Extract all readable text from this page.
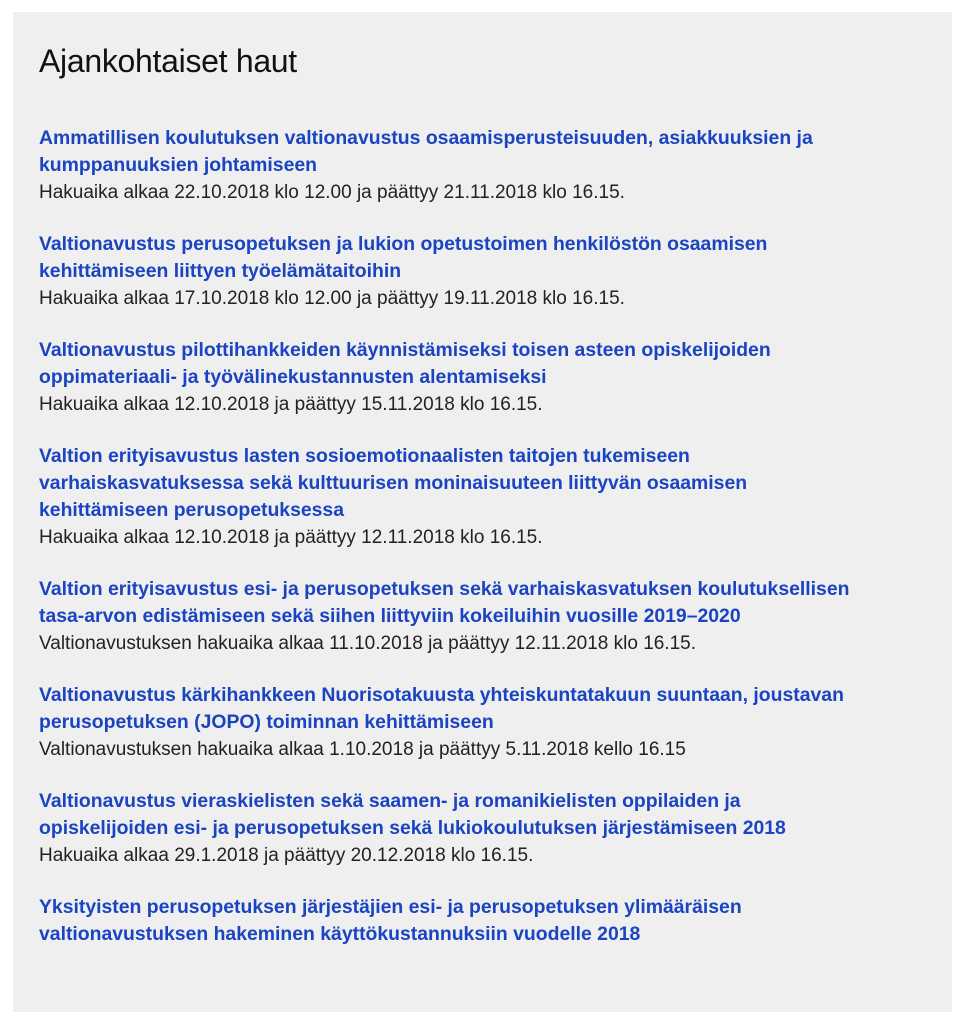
Ajankohtaiset haut
Ammatillisen koulutuksen valtionavustus osaamisperusteisuuden, asiakkuuksien ja
kumppanuuksien johtamiseen
Hakuaika alkaa 22.10.2018 klo 12.00 ja päättyy 21.11.2018 klo 16.15.
Valtionavustus perusopetuksen ja lukion opetustoimen henkilöstön osaamisen
kehittämiseen liittyen työelämätaitoihin
Hakuaika alkaa 17.10.2018 klo 12.00 ja päättyy 19.11.2018 klo 16.15.
Valtionavustus pilottihankkeiden käynnistämiseksi toisen asteen opiskelijoiden
oppimateriaali- ja työvälinekustannusten alentamiseksi
Hakuaika alkaa 12.10.2018 ja päättyy 15.11.2018 klo 16.15.
Valtion erityisavustus lasten sosioemotionaalisten taitojen tukemiseen
varhaiskasvatuksessa sekä kulttuurisen moninaisuuteen liittyvän osaamisen
kehittämiseen perusopetuksessa
Hakuaika alkaa 12.10.2018 ja päättyy 12.11.2018 klo 16.15.
Valtion erityisavustus esi- ja perusopetuksen sekä varhaiskasvatuksen koulutuksellisen
tasa-arvon edistämiseen sekä siihen liittyviin kokeiluihin vuosille 2019–2020
Valtionavustuksen hakuaika alkaa 11.10.2018 ja päättyy 12.11.2018 klo 16.15.
Valtionavustus kärkihankkeen Nuorisotakuusta yhteiskuntatakuun suuntaan, joustavan
perusopetuksen (JOPO) toiminnan kehittämiseen
Valtionavustuksen hakuaika alkaa 1.10.2018 ja päättyy 5.11.2018 kello 16.15
Valtionavustus vieraskielisten sekä saamen- ja romanikielisten oppilaiden ja
opiskelijoiden esi- ja perusopetuksen sekä lukiokoulutuksen järjestämiseen 2018
Hakuaika alkaa 29.1.2018 ja päättyy 20.12.2018 klo 16.15.
Yksityisten perusopetuksen järjestäjien esi- ja perusopetuksen ylimääräisen
valtionavustuksen hakeminen käyttökustannuksiin vuodelle 2018
